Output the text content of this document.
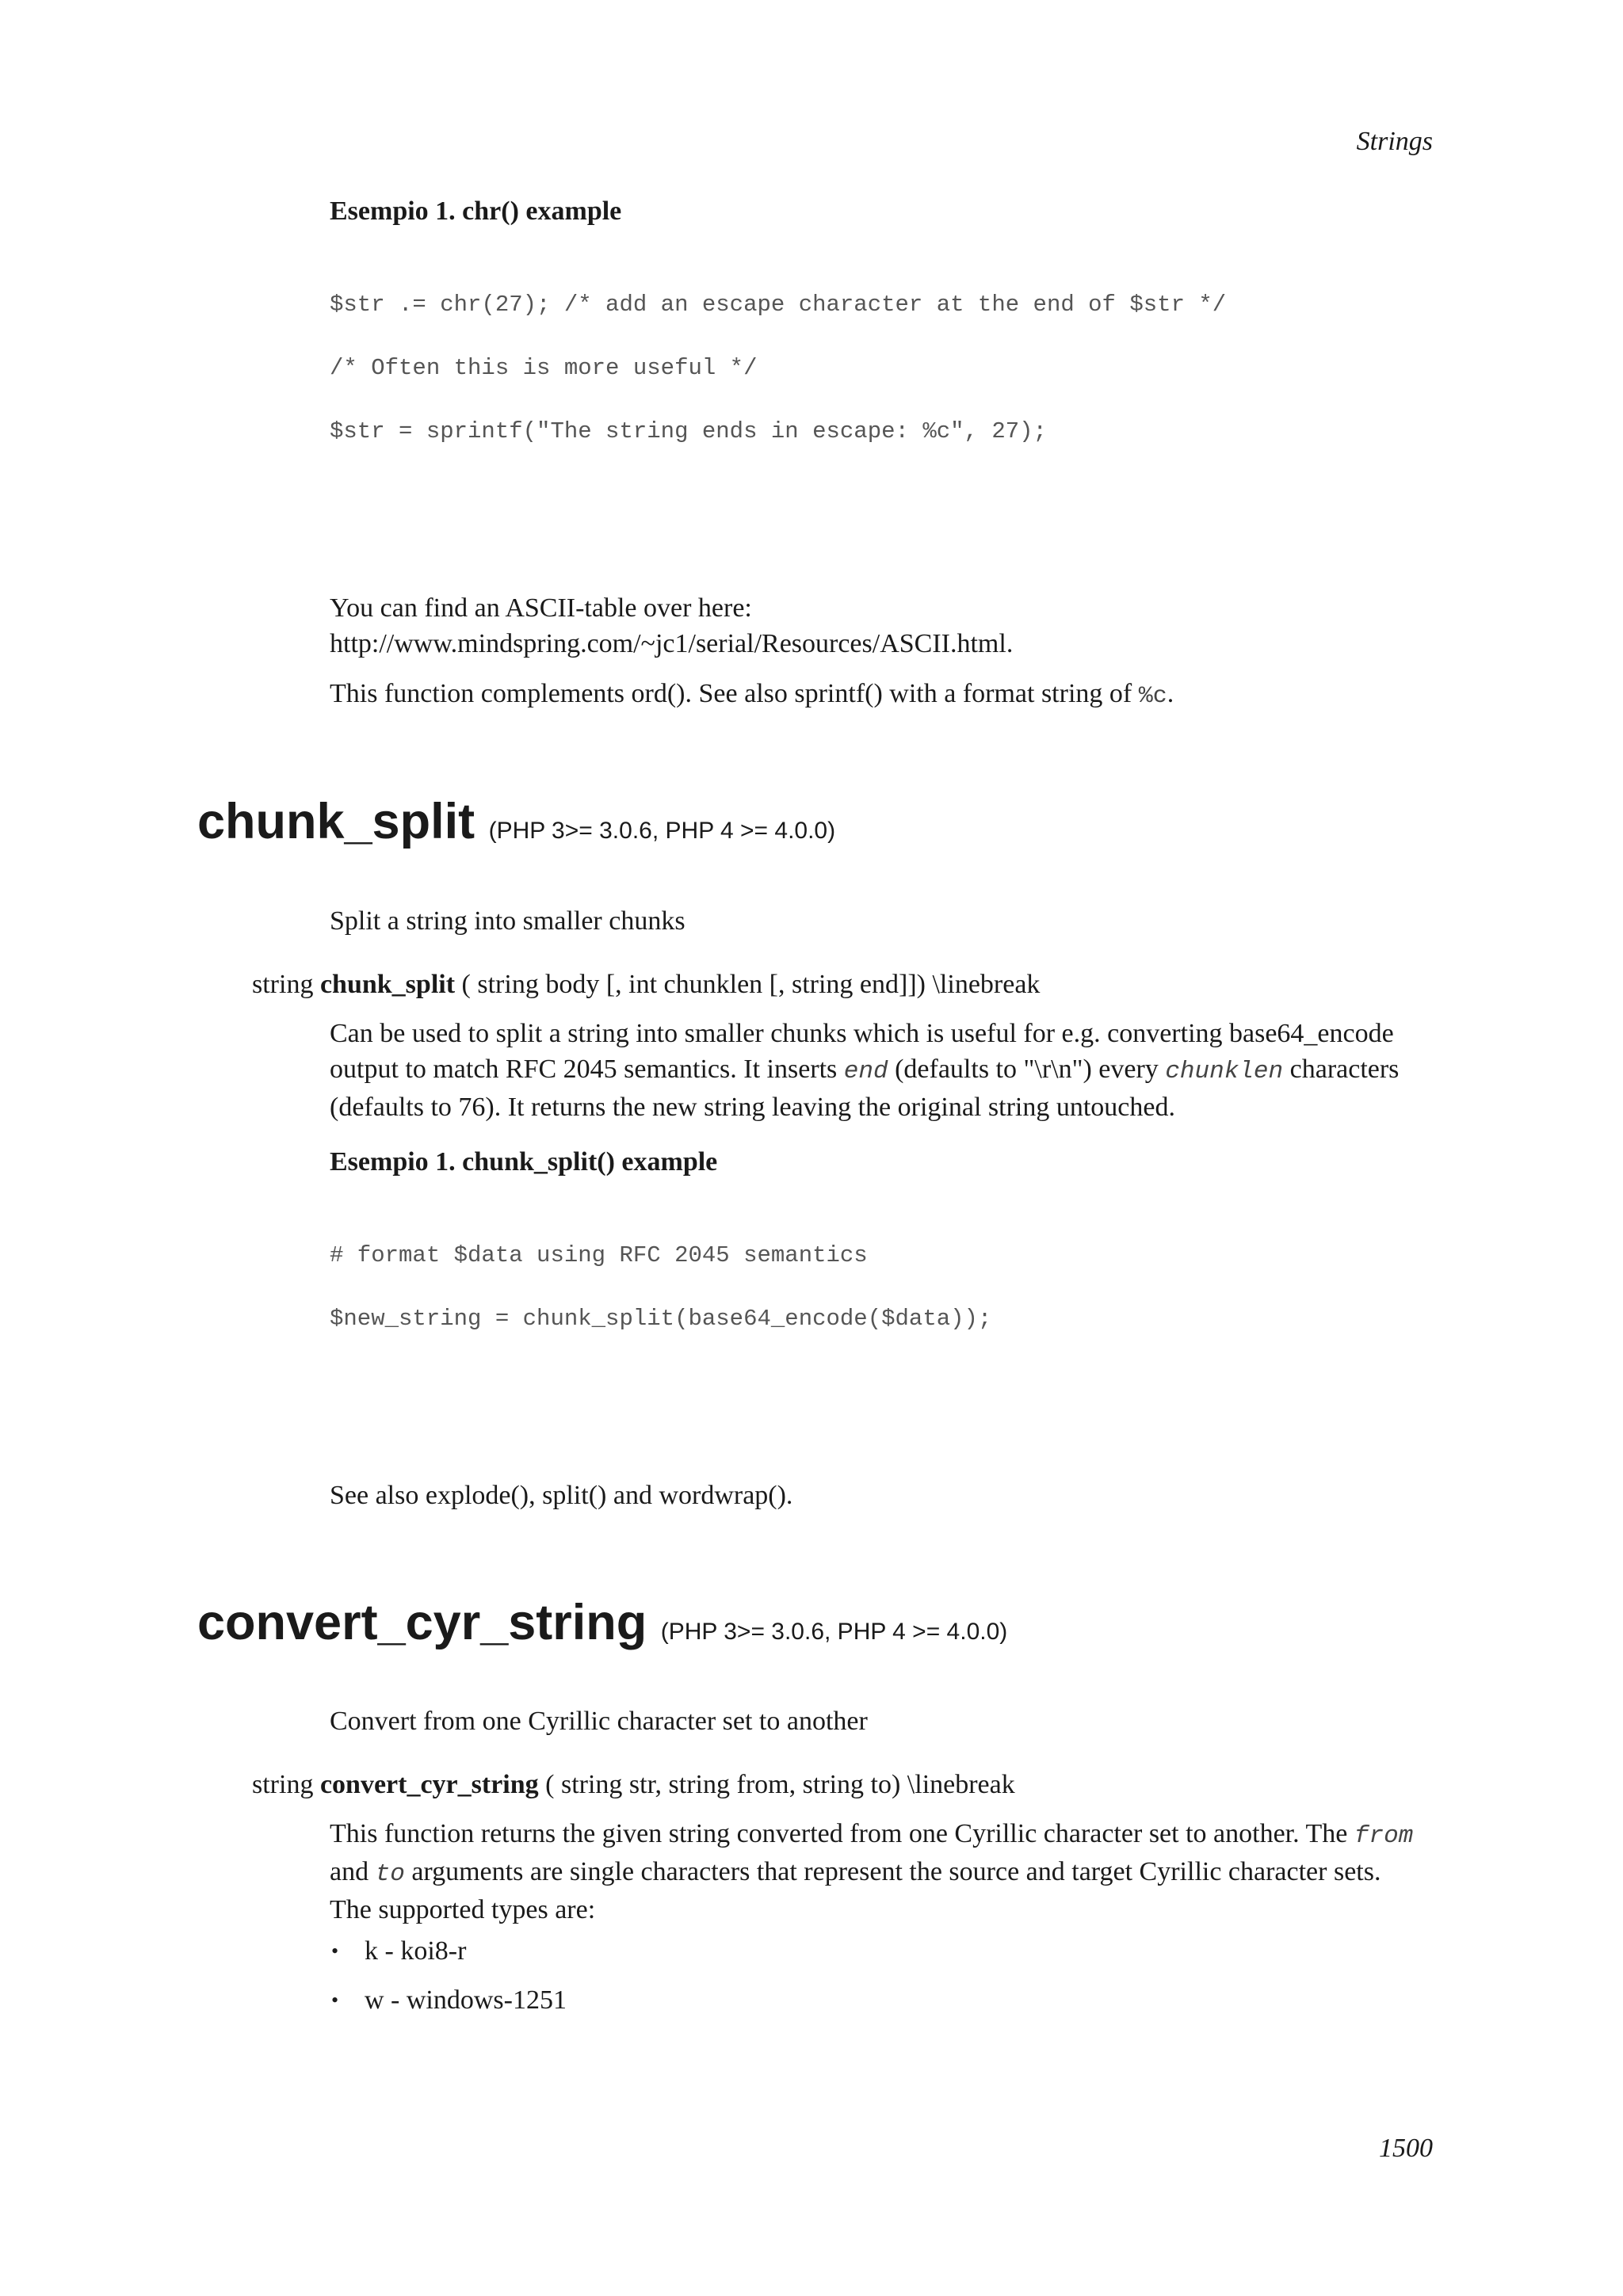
Strings
Esempio 1. chr() example
$str .= chr(27); /* add an escape character at the end of $str */
/* Often this is more useful */
$str = sprintf("The string ends in escape: %c", 27);
You can find an ASCII-table over here:
http://www.mindspring.com/~jc1/serial/Resources/ASCII.html.
This function complements ord(). See also sprintf() with a format string of %c.
chunk_split (PHP 3>= 3.0.6, PHP 4 >= 4.0.0)
Split a string into smaller chunks
string chunk_split ( string body [, int chunklen [, string end]]) \linebreak
Can be used to split a string into smaller chunks which is useful for e.g. converting base64_encode
output to match RFC 2045 semantics. It inserts end (defaults to "\r\n") every chunklen characters
(defaults to 76). It returns the new string leaving the original string untouched.
Esempio 1. chunk_split() example
# format $data using RFC 2045 semantics
$new_string = chunk_split(base64_encode($data));
See also explode(), split() and wordwrap().
convert_cyr_string (PHP 3>= 3.0.6, PHP 4 >= 4.0.0)
Convert from one Cyrillic character set to another
string convert_cyr_string ( string str, string from, string to) \linebreak
This function returns the given string converted from one Cyrillic character set to another. The from
and to arguments are single characters that represent the source and target Cyrillic character sets.
The supported types are:
• k - koi8-r
• w - windows-1251
1500
